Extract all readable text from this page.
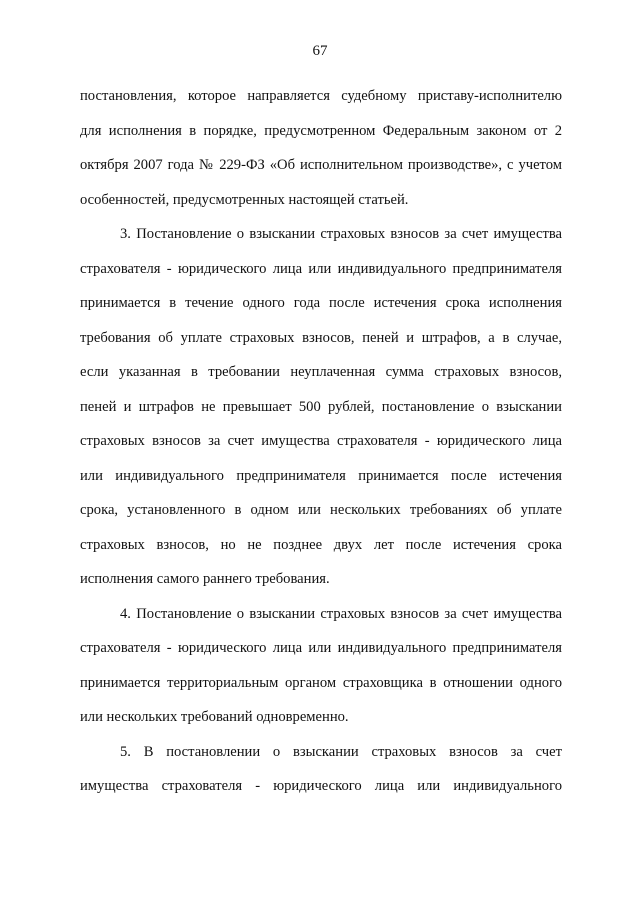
67
постановления, которое направляется судебному приставу-исполнителю
для исполнения в порядке, предусмотренном Федеральным законом от 2
октября 2007 года № 229-ФЗ «Об исполнительном производстве», с учетом
особенностей, предусмотренных настоящей статьей.
3. Постановление о взыскании страховых взносов за счет имущества
страхователя - юридического лица или индивидуального предпринимателя
принимается в течение одного года после истечения срока исполнения
требования об уплате страховых взносов, пеней и штрафов, а в случае,
если указанная в требовании неуплаченная сумма страховых взносов,
пеней и штрафов не превышает 500 рублей, постановление о взыскании
страховых взносов за счет имущества страхователя - юридического лица
или индивидуального предпринимателя принимается после истечения
срока, установленного в одном или нескольких требованиях об уплате
страховых взносов, но не позднее двух лет после истечения срока
исполнения самого раннего требования.
4. Постановление о взыскании страховых взносов за счет имущества
страхователя - юридического лица или индивидуального предпринимателя
принимается территориальным органом страховщика в отношении одного
или нескольких требований одновременно.
5. В постановлении о взыскании страховых взносов за счет
имущества страхователя - юридического лица или индивидуального
